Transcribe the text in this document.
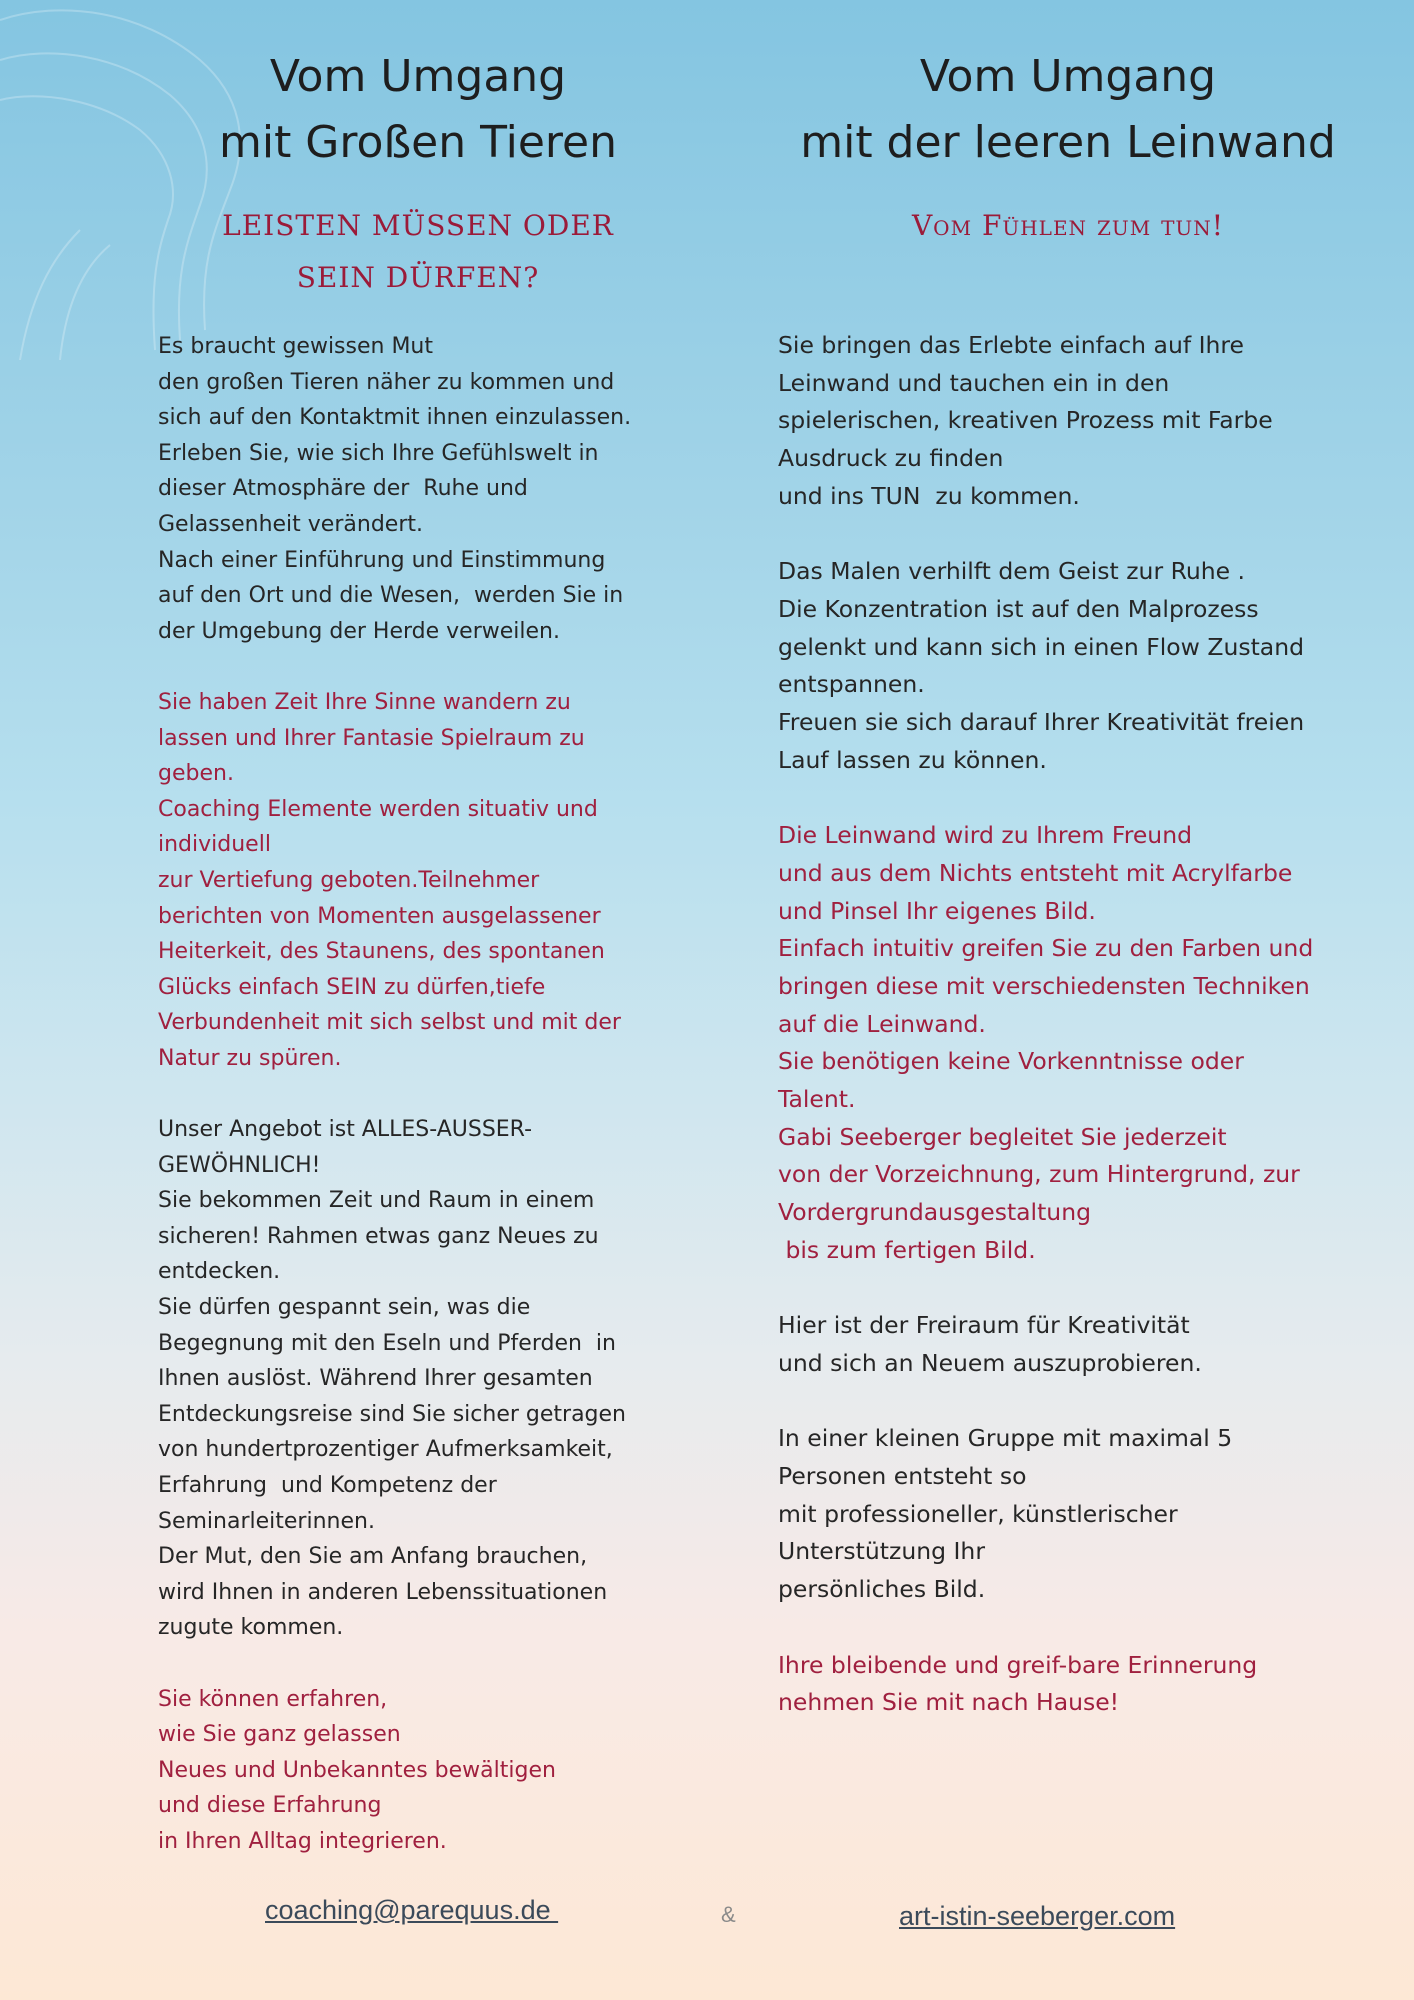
Vom Umgang
mit Großen Tieren
LEISTEN MÜSSEN ODER
SEIN DÜRFEN?

Es braucht gewissen Mut
den großen Tieren näher zu kommen und
sich auf den Kontaktmit ihnen einzulassen.
Erleben Sie, wie sich Ihre Gefühlswelt in
dieser Atmosphäre der  Ruhe und
Gelassenheit verändert.
Nach einer Einführung und Einstimmung
auf den Ort und die Wesen,  werden Sie in
der Umgebung der Herde verweilen.

Sie haben Zeit Ihre Sinne wandern zu
lassen und Ihrer Fantasie Spielraum zu
geben.
Coaching Elemente werden situativ und
individuell
zur Vertiefung geboten.Teilnehmer
berichten von Momenten ausgelassener
Heiterkeit, des Staunens, des spontanen
Glücks einfach SEIN zu dürfen,tiefe
Verbundenheit mit sich selbst und mit der
Natur zu spüren.

Unser Angebot ist ALLES-AUSSER-
GEWÖHNLICH!
Sie bekommen Zeit und Raum in einem
sicheren! Rahmen etwas ganz Neues zu
entdecken.
Sie dürfen gespannt sein, was die
Begegnung mit den Eseln und Pferden  in
Ihnen auslöst. Während Ihrer gesamten
Entdeckungsreise sind Sie sicher getragen
von hundertprozentiger Aufmerksamkeit,
Erfahrung  und Kompetenz der
Seminarleiterinnen.
Der Mut, den Sie am Anfang brauchen,
wird Ihnen in anderen Lebenssituationen
zugute kommen.

Sie können erfahren,
wie Sie ganz gelassen
Neues und Unbekanntes bewältigen
und diese Erfahrung
in Ihren Alltag integrieren.

Vom Umgang
mit der leeren Leinwand
Vom Fühlen zum tun!

Sie bringen das Erlebte einfach auf Ihre
Leinwand und tauchen ein in den
spielerischen, kreativen Prozess mit Farbe
Ausdruck zu finden
und ins TUN  zu kommen.

Das Malen verhilft dem Geist zur Ruhe .
Die Konzentration ist auf den Malprozess
gelenkt und kann sich in einen Flow Zustand
entspannen.
Freuen sie sich darauf Ihrer Kreativität freien
Lauf lassen zu können.

Die Leinwand wird zu Ihrem Freund
und aus dem Nichts entsteht mit Acrylfarbe
und Pinsel Ihr eigenes Bild.
Einfach intuitiv greifen Sie zu den Farben und
bringen diese mit verschiedensten Techniken
auf die Leinwand.
Sie benötigen keine Vorkenntnisse oder
Talent.
Gabi Seeberger begleitet Sie jederzeit
von der Vorzeichnung, zum Hintergrund, zur
Vordergrundausgestaltung
bis zum fertigen Bild.

Hier ist der Freiraum für Kreativität
und sich an Neuem auszuprobieren.

In einer kleinen Gruppe mit maximal 5
Personen entsteht so
mit professioneller, künstlerischer
Unterstützung Ihr
persönliches Bild.

Ihre bleibende und greif-bare Erinnerung
nehmen Sie mit nach Hause!

coaching@parequus.de	&	art-istin-seeberger.com
